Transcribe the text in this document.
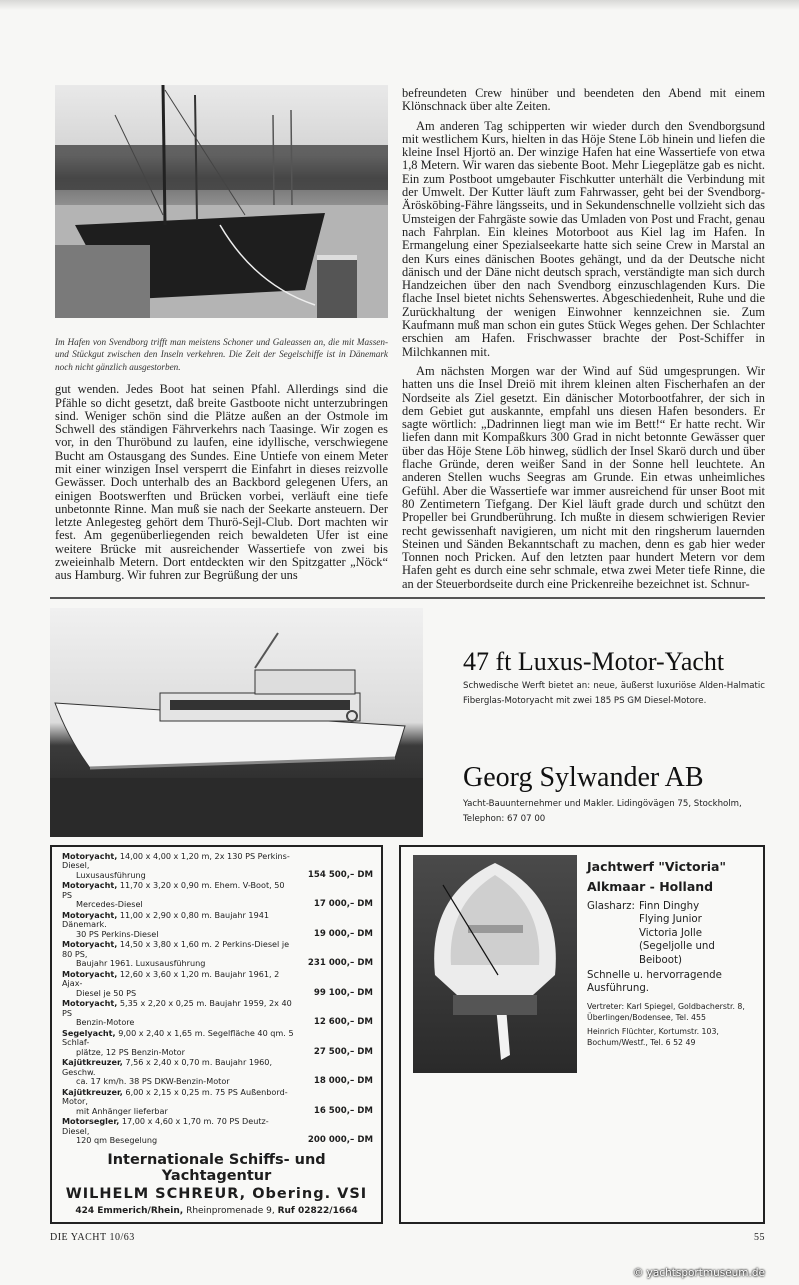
Im Hafen von Svendborg trifft man meistens Schoner und Galeassen an, die mit Massen- und Stückgut zwischen den Inseln verkehren. Die Zeit der Segelschiffe ist in Dänemark noch nicht gänzlich ausgestorben.

gut wenden. Jedes Boot hat seinen Pfahl. Allerdings sind die Pfähle so dicht gesetzt, daß breite Gastboote nicht unterzubringen sind. Weniger schön sind die Plätze außen an der Ostmole im Schwell des ständigen Fährverkehrs nach Taasinge. Wir zogen es vor, in den Thuröbund zu laufen, eine idyllische, verschwiegene Bucht am Ostausgang des Sundes. Eine Untiefe von einem Meter mit einer winzigen Insel versperrt die Einfahrt in dieses reizvolle Gewässer. Doch unterhalb des an Backbord gelegenen Ufers, an einigen Bootswerften und Brücken vorbei, verläuft eine tiefe unbetonnte Rinne. Man muß sie nach der Seekarte ansteuern. Der letzte Anlegesteg gehört dem Thurö-Sejl-Club. Dort machten wir fest. Am gegenüberliegenden reich bewaldeten Ufer ist eine weitere Brücke mit ausreichender Wassertiefe von zwei bis zweieinhalb Metern. Dort entdeckten wir den Spitzgatter „Nöck“ aus Hamburg. Wir fuhren zur Begrüßung der uns

befreundeten Crew hinüber und beendeten den Abend mit einem Klönschnack über alte Zeiten.

Am anderen Tag schipperten wir wieder durch den Svendborgsund mit westlichem Kurs, hielten in das Höje Stene Löb hinein und liefen die kleine Insel Hjortö an. Der winzige Hafen hat eine Wassertiefe von etwa 1,8 Metern. Wir waren das siebente Boot. Mehr Liegeplätze gab es nicht. Ein zum Postboot umgebauter Fischkutter unterhält die Verbindung mit der Umwelt. Der Kutter läuft zum Fahrwasser, geht bei der Svendborg-Äröskōbing-Fähre längsseits, und in Sekundenschnelle vollzieht sich das Umsteigen der Fahrgäste sowie das Umladen von Post und Fracht, genau nach Fahrplan. Ein kleines Motorboot aus Kiel lag im Hafen. In Ermangelung einer Spezialseekarte hatte sich seine Crew in Marstal an den Kurs eines dänischen Bootes gehängt, und da der Deutsche nicht dänisch und der Däne nicht deutsch sprach, verständigte man sich durch Handzeichen über den nach Svendborg einzuschlagenden Kurs. Die flache Insel bietet nichts Sehenswertes. Abgeschiedenheit, Ruhe und die Zurückhaltung der wenigen Einwohner kennzeichnen sie. Zum Kaufmann muß man schon ein gutes Stück Weges gehen. Der Schlachter erschien am Hafen. Frischwasser brachte der Post-Schiffer in Milchkannen mit.

Am nächsten Morgen war der Wind auf Süd umgesprungen. Wir hatten uns die Insel Dreiö mit ihrem kleinen alten Fischerhafen an der Nordseite als Ziel gesetzt. Ein dänischer Motorbootfahrer, der sich in dem Gebiet gut auskannte, empfahl uns diesen Hafen besonders. Er sagte wörtlich: „Dadrinnen liegt man wie im Bett!“ Er hatte recht. Wir liefen dann mit Kompaßkurs 300 Grad in nicht betonnte Gewässer quer über das Höje Stene Löb hinweg, südlich der Insel Skarö durch und über flache Gründe, deren weißer Sand in der Sonne hell leuchtete. An anderen Stellen wuchs Seegras am Grunde. Ein etwas unheimliches Gefühl. Aber die Wassertiefe war immer ausreichend für unser Boot mit 80 Zentimetern Tiefgang. Der Kiel läuft grade durch und schützt den Propeller bei Grundberührung. Ich mußte in diesem schwierigen Revier recht gewissenhaft navigieren, um nicht mit den ringsherum lauernden Steinen und Sänden Bekanntschaft zu machen, denn es gab hier weder Tonnen noch Pricken. Auf den letzten paar hundert Metern vor dem Hafen geht es durch eine sehr schmale, etwa zwei Meter tiefe Rinne, die an der Steuerbordseite durch eine Prickenreihe bezeichnet ist. Schnur-

47 ft Luxus-Motor-Yacht
Schwedische Werft bietet an: neue, äußerst luxuriöse Alden-Halmatic Fiberglas-Motoryacht mit zwei 185 PS GM Diesel-Motore.
Georg Sylwander AB
Yacht-Bauunternehmer und Makler. Lidingövägen 75, Stockholm,
Telephon: 67 07 00
Motoryacht, 14,00 x 4,00 x 1,20 m, 2x 130 PS Perkins-Diesel,
Luxusausführung	154 500,– DM
Motoryacht, 11,70 x 3,20 x 0,90 m. Ehem. V-Boot, 50 PS
Mercedes-Diesel	17 000,– DM
Motoryacht, 11,00 x 2,90 x 0,80 m. Baujahr 1941 Dänemark.
30 PS Perkins-Diesel	19 000,– DM
Motoryacht, 14,50 x 3,80 x 1,60 m. 2 Perkins-Diesel je 80 PS,
Baujahr 1961. Luxusausführung	231 000,– DM
Motoryacht, 12,60 x 3,60 x 1,20 m. Baujahr 1961, 2 Ajax-
Diesel je 50 PS	99 100,– DM
Motoryacht, 5,35 x 2,20 x 0,25 m. Baujahr 1959, 2x 40 PS
Benzin-Motore	12 600,– DM
Segelyacht, 9,00 x 2,40 x 1,65 m. Segelfläche 40 qm. 5 Schlaf-
plätze, 12 PS Benzin-Motor	27 500,– DM
Kajütkreuzer, 7,56 x 2,40 x 0,70 m. Baujahr 1960, Geschw.
ca. 17 km/h. 38 PS DKW-Benzin-Motor	18 000,– DM
Kajütkreuzer, 6,00 x 2,15 x 0,25 m. 75 PS Außenbord-Motor,
mit Anhänger lieferbar	16 500,– DM
Motorsegler, 17,00 x 4,60 x 1,70 m. 70 PS Deutz-Diesel,
120 qm Besegelung	200 000,– DM
Internationale Schiffs- und Yachtagentur
WILHELM SCHREUR, Obering. VSI
424 Emmerich/Rhein, Rheinpromenade 9, Ruf 02822/1664
Jachtwerf "Victoria"
Alkmaar - Holland
Glasharz: Finn Dinghy
Flying Junior
Victoria Jolle
(Segeljolle und
Beiboot)
Schnelle u. hervorragende Ausführung.
Vertreter: Karl Spiegel, Goldbacherstr. 8, Überlingen/Bodensee, Tel. 455
Heinrich Flüchter, Kortumstr. 103, Bochum/Westf., Tel. 6 52 49
DIE YACHT 10/63	55
© yachtsportmuseum.de
